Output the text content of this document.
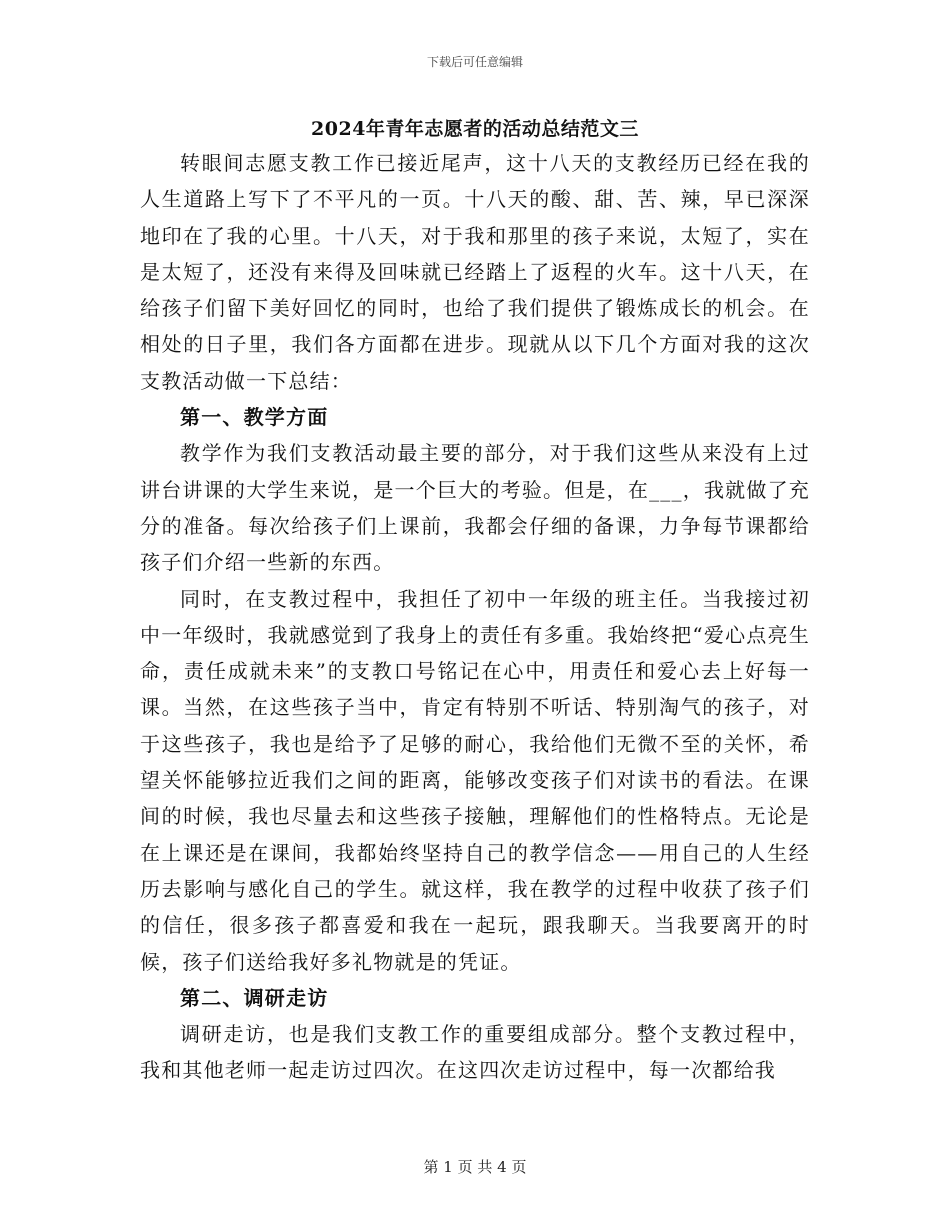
下载后可任意编辑
2024年青年志愿者的活动总结范文三

转眼间志愿支教工作已接近尾声，这十八天的支教经历已经在我的人生道路上写下了不平凡的一页。十八天的酸、甜、苦、辣，早已深深地印在了我的心里。十八天，对于我和那里的孩子来说，太短了，实在是太短了，还没有来得及回味就已经踏上了返程的火车。这十八天，在给孩子们留下美好回忆的同时，也给了我们提供了锻炼成长的机会。在相处的日子里，我们各方面都在进步。现就从以下几个方面对我的这次支教活动做一下总结：

第一、教学方面

教学作为我们支教活动最主要的部分，对于我们这些从来没有上过讲台讲课的大学生来说，是一个巨大的考验。但是，在___，我就做了充分的准备。每次给孩子们上课前，我都会仔细的备课，力争每节课都给孩子们介绍一些新的东西。

同时，在支教过程中，我担任了初中一年级的班主任。当我接过初中一年级时，我就感觉到了我身上的责任有多重。我始终把“爱心点亮生命，责任成就未来”的支教口号铭记在心中，用责任和爱心去上好每一课。当然，在这些孩子当中，肯定有特别不听话、特别淘气的孩子，对于这些孩子，我也是给予了足够的耐心，我给他们无微不至的关怀，希望关怀能够拉近我们之间的距离，能够改变孩子们对读书的看法。在课间的时候，我也尽量去和这些孩子接触，理解他们的性格特点。无论是在上课还是在课间，我都始终坚持自己的教学信念——用自己的人生经历去影响与感化自己的学生。就这样，我在教学的过程中收获了孩子们的信任，很多孩子都喜爱和我在一起玩，跟我聊天。当我要离开的时候，孩子们送给我好多礼物就是的凭证。

第二、调研走访

调研走访，也是我们支教工作的重要组成部分。整个支教过程中，我和其他老师一起走访过四次。在这四次走访过程中，每一次都给我

第 1 页 共 4 页
